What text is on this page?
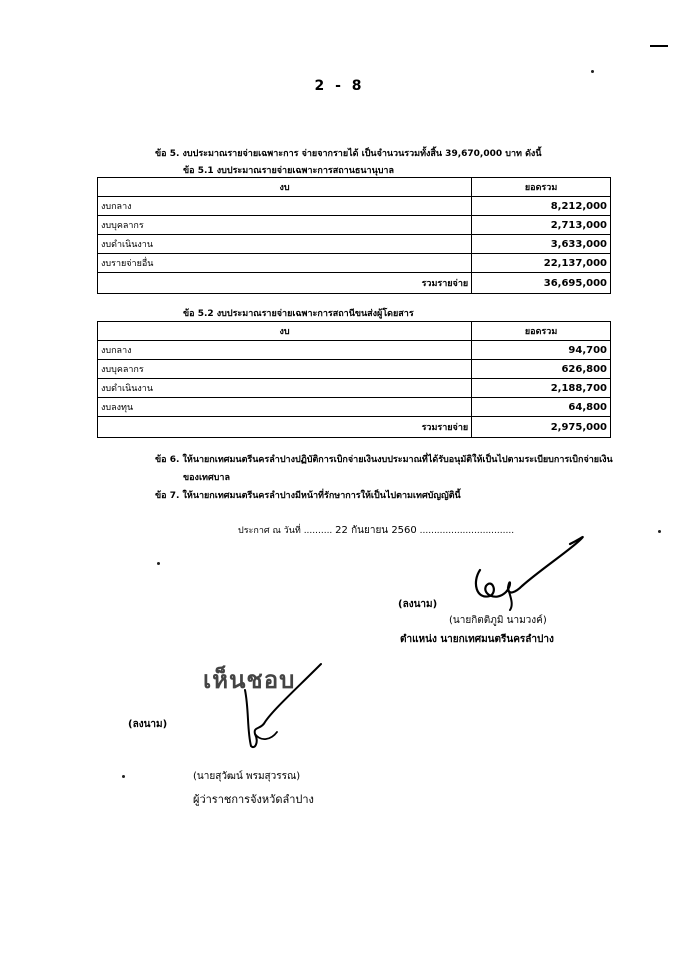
2 - 8
ข้อ 5. งบประมาณรายจ่ายเฉพาะการ จ่ายจากรายได้ เป็นจำนวนรวมทั้งสิ้น 39,670,000 บาท ดังนี้
ข้อ 5.1 งบประมาณรายจ่ายเฉพาะการสถานธนานุบาล
งบ	ยอดรวม
งบกลาง	8,212,000
งบบุคลากร	2,713,000
งบดำเนินงาน	3,633,000
งบรายจ่ายอื่น	22,137,000
รวมรายจ่าย	36,695,000
ข้อ 5.2 งบประมาณรายจ่ายเฉพาะการสถานีขนส่งผู้โดยสาร
งบ	ยอดรวม
งบกลาง	94,700
งบบุคลากร	626,800
งบดำเนินงาน	2,188,700
งบลงทุน	64,800
รวมรายจ่าย	2,975,000
ข้อ 6. ให้นายกเทศมนตรีนครลำปางปฏิบัติการเบิกจ่ายเงินงบประมาณที่ได้รับอนุมัติให้เป็นไปตามระเบียบการเบิกจ่ายเงิน
ของเทศบาล
ข้อ 7. ให้นายกเทศมนตรีนครลำปางมีหน้าที่รักษาการให้เป็นไปตามเทศบัญญัตินี้
ประกาศ ณ วันที่ .......... 22 กันยายน 2560 .................................
(ลงนาม)
(นายกิตติภูมิ นามวงค์)
ตำแหน่ง นายกเทศมนตรีนครลำปาง
เห็นชอบ
(ลงนาม)
(นายสุวัฒน์ พรมสุวรรณ)
ผู้ว่าราชการจังหวัดลำปาง
